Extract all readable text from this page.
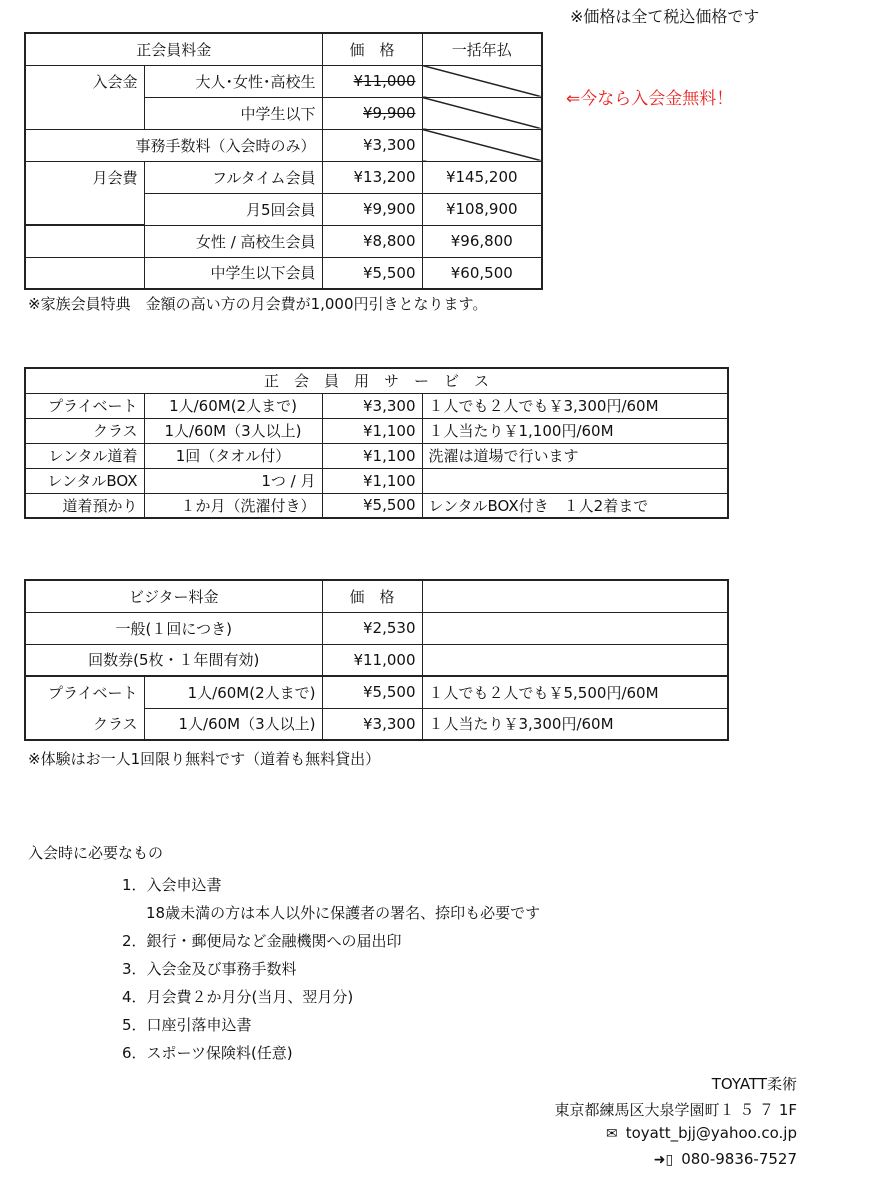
※価格は全て税込価格です
⇐今なら入会金無料！
正会員料金		価　格	一括年払
入会金	大人･女性･高校生	¥11,000	
	中学生以下	¥9,900	
事務手数料（入会時のみ）		¥3,300	
月会費	フルタイム会員	¥13,200	¥145,200
	月5回会員	¥9,900	¥108,900
	女性 / 高校生会員	¥8,800	¥96,800
	中学生以下会員	¥5,500	¥60,500
※家族会員特典　金額の高い方の月会費が1,000円引きとなります。
正　会　員　用　サ　ー　ビ　ス			
プライベート	1人/60M(2人まで)	¥3,300	１人でも２人でも￥3,300円/60M
クラス	1人/60M（3人以上)	¥1,100	１人当たり￥1,100円/60M
レンタル道着	1回（タオル付）	¥1,100	洗濯は道場で行います
レンタルBOX	1つ / 月	¥1,100	
道着預かり	１か月（洗濯付き）	¥5,500	レンタルBOX付き　１人2着まで
ビジター料金		価　格	
一般(１回につき)		¥2,530	
回数券(5枚・１年間有効)		¥11,000	
プライベート	1人/60M(2人まで)	¥5,500	１人でも２人でも￥5,500円/60M
クラス	1人/60M（3人以上)	¥3,300	１人当たり￥3,300円/60M
※体験はお一人1回限り無料です（道着も無料貸出）
入会時に必要なもの
1．入会申込書
18歳未満の方は本人以外に保護者の署名、捺印も必要です
2．銀行・郵便局など金融機関への届出印
3．入会金及び事務手数料
4．月会費２か月分(当月、翌月分)
5．口座引落申込書
6．スポーツ保険料(任意)
TOYATT柔術
東京都練馬区大泉学園町１ ５ ７ 1F
✉ toyatt_bjj@yahoo.co.jp
➜▯ 080-9836-7527
